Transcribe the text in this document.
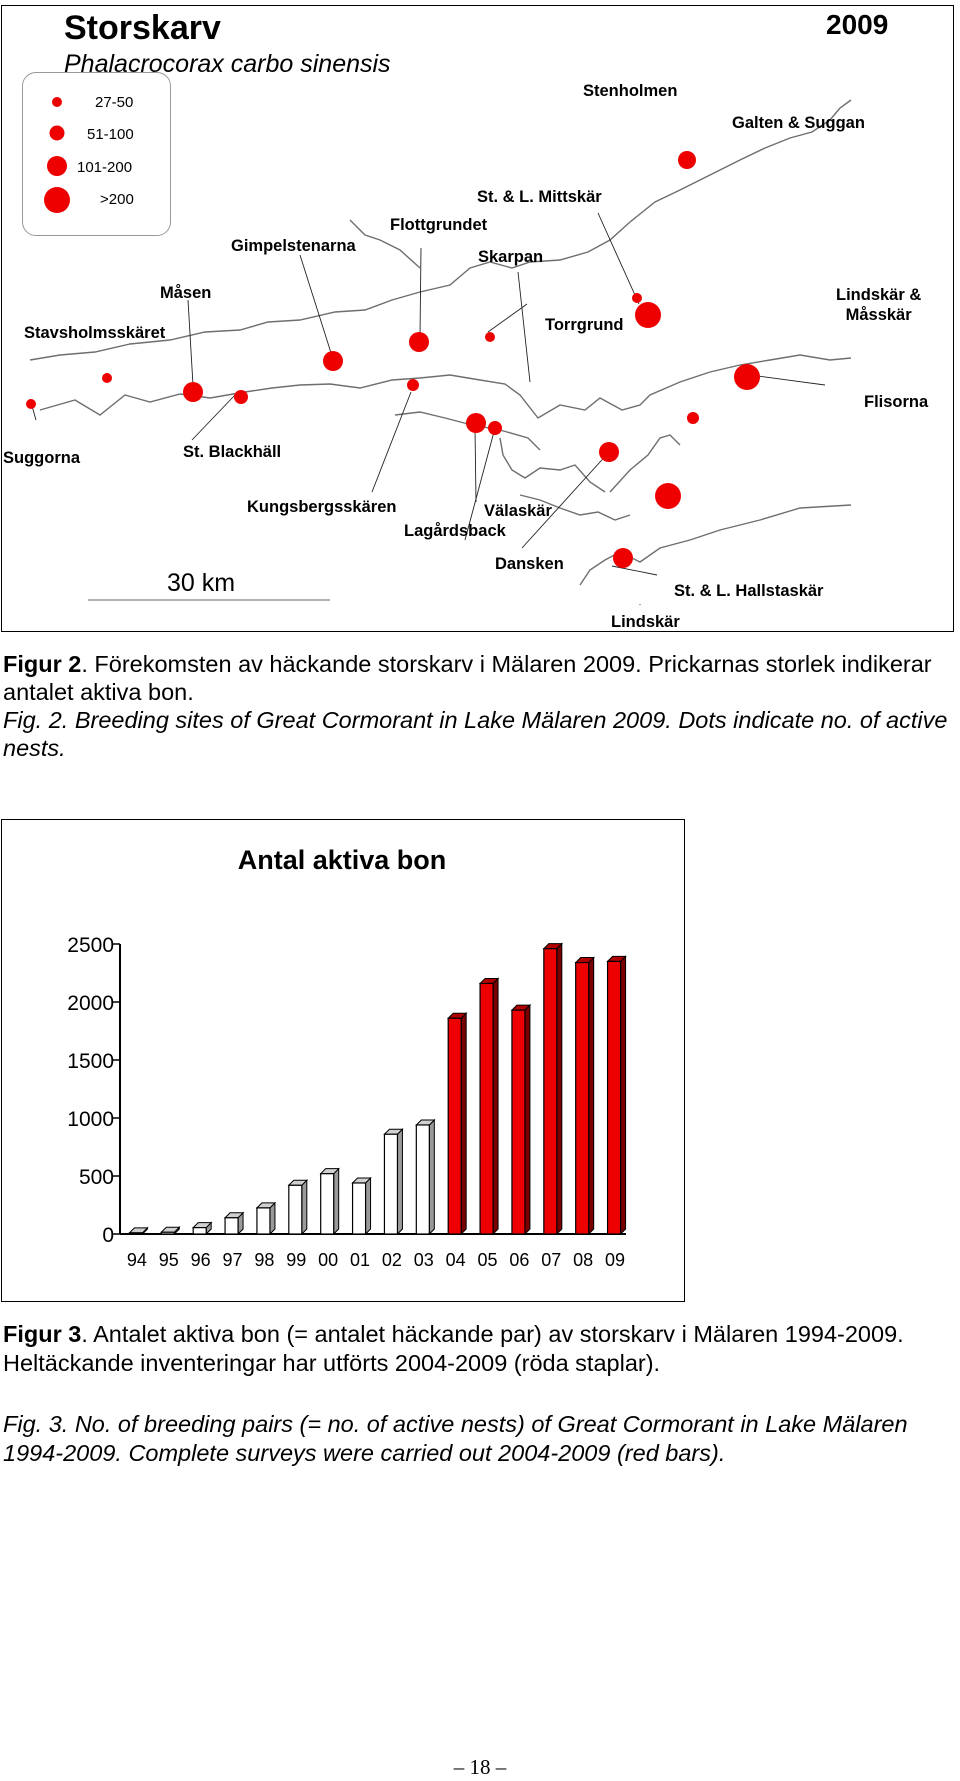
Storskarv
Phalacrocorax carbo sinensis
2009
27-50
51-100
101-200
>200
Stenholmen
Galten & Suggan
St. & L. Mittskär
Flottgrundet
Gimpelstenarna
Skarpan
Måsen	Lindskär &
Måsskär
Stavsholmsskäret	Torrgrund
Flisorna
Suggorna	St. Blackhäll
Kungsbergsskären	Välaskär
Lagårdsback
Dansken
St. & L. Hallstaskär
Lindskär
30 km
Figur 2. Förekomsten av häckande storskarv i Mälaren 2009. Prickarnas storlek indikerar antalet aktiva bon.
Fig. 2. Breeding sites of Great Cormorant in Lake Mälaren 2009. Dots indicate no. of active nests.
Antal aktiva bon
0
500
1000
1500
2000
2500
94 95 96 97 98 99 00 01 02 03 04 05 06 07 08 09
Figur 3. Antalet aktiva bon (= antalet häckande par) av storskarv i Mälaren 1994-2009. Heltäckande inventeringar har utförts 2004-2009 (röda staplar).
Fig. 3. No. of breeding pairs (= no. of active nests) of Great Cormorant in Lake Mälaren 1994-2009. Complete surveys were carried out 2004-2009 (red bars).
– 18 –
